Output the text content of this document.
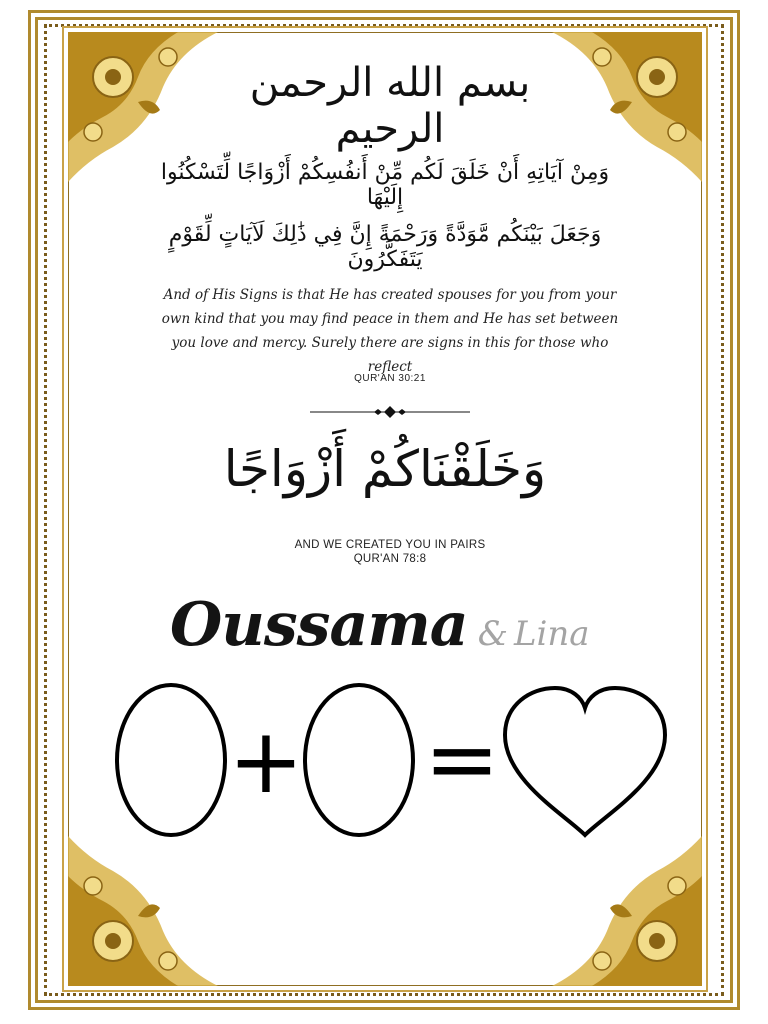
بسم الله الرحمن الرحيم
وَمِنْ آيَاتِهِ أَنْ خَلَقَ لَكُم مِّنْ أَنفُسِكُمْ أَزْوَاجًا لِّتَسْكُنُوا إِلَيْهَا
وَجَعَلَ بَيْنَكُم مَّوَدَّةً وَرَحْمَةً إِنَّ فِي ذَٰلِكَ لَآيَاتٍ لِّقَوْمٍ يَتَفَكَّرُونَ
And of His Signs is that He has created spouses for you from your own kind that you may find peace in them and He has set between you love and mercy. Surely there are signs in this for those who reflect
QUR'AN 30:21
وَخَلَقْنَاكُمْ أَزْوَاجًا
AND WE CREATED YOU IN PAIRS
QUR'AN 78:8
Oussama & Lina
+ =
